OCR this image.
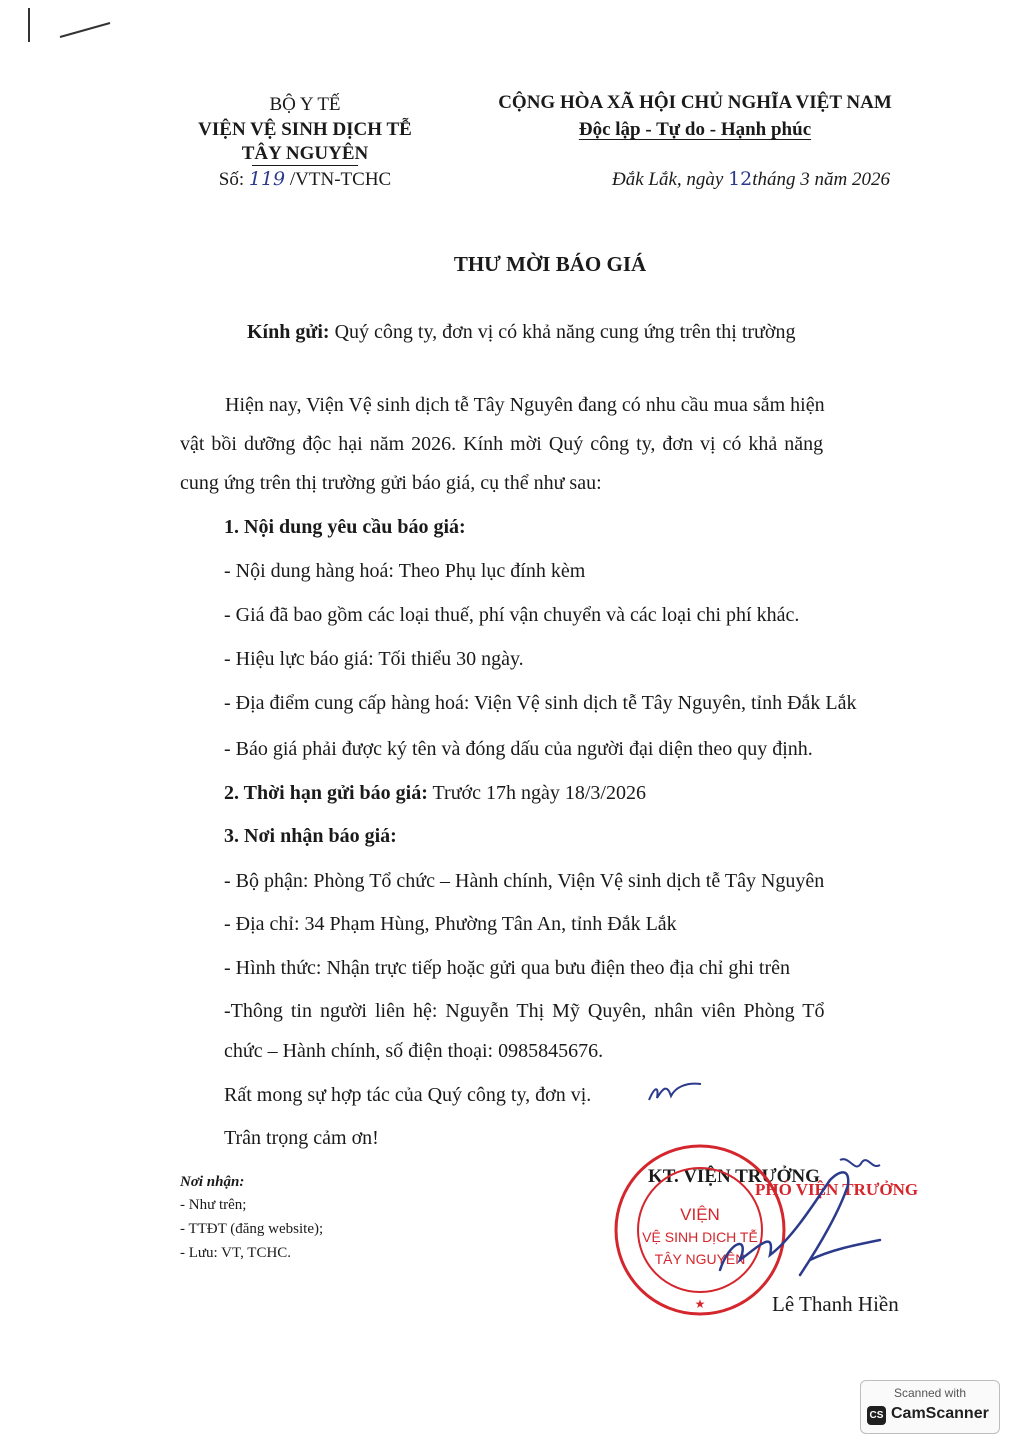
BỘ Y TẾ
VIỆN VỆ SINH DỊCH TỄ
TÂY NGUYÊN
Số: 119 /VTN-TCHC
CỘNG HÒA XÃ HỘI CHỦ NGHĨA VIỆT NAM
Độc lập - Tự do - Hạnh phúc
Đắk Lắk, ngày 12tháng 3 năm 2026
THƯ MỜI BÁO GIÁ
Kính gửi: Quý công ty, đơn vị có khả năng cung ứng trên thị trường
Hiện nay, Viện Vệ sinh dịch tễ Tây Nguyên đang có nhu cầu mua sắm hiện
vật bồi dưỡng độc hại năm 2026. Kính mời Quý công ty, đơn vị có khả năng
cung ứng trên thị trường gửi báo giá, cụ thể như sau:
1. Nội dung yêu cầu báo giá:
- Nội dung hàng hoá: Theo Phụ lục đính kèm
- Giá đã bao gồm các loại thuế, phí vận chuyển và các loại chi phí khác.
- Hiệu lực báo giá: Tối thiểu 30 ngày.
- Địa điểm cung cấp hàng hoá: Viện Vệ sinh dịch tễ Tây Nguyên, tỉnh Đắk Lắk
- Báo giá phải được ký tên và đóng dấu của người đại diện theo quy định.
2. Thời hạn gửi báo giá: Trước 17h ngày 18/3/2026
3. Nơi nhận báo giá:
- Bộ phận: Phòng Tổ chức – Hành chính, Viện Vệ sinh dịch tễ Tây Nguyên
- Địa chỉ: 34 Phạm Hùng, Phường Tân An, tỉnh Đắk Lắk
- Hình thức: Nhận trực tiếp hoặc gửi qua bưu điện theo địa chỉ ghi trên
-Thông tin người liên hệ: Nguyễn Thị Mỹ Quyên, nhân viên Phòng Tổ
chức – Hành chính, số điện thoại: 0985845676.
Rất mong sự hợp tác của Quý công ty, đơn vị.
Trân trọng cảm ơn!
Nơi nhận:
- Như trên;
- TTĐT (đăng website);
- Lưu: VT, TCHC.
KT. VIỆN TRƯỞNG
PHÓ VIỆN TRƯỞNG
VIỆN
VỆ SINH DỊCH TỄ
TÂY NGUYÊN
★	Lê Thanh Hiền
Scanned with
CS CamScanner
